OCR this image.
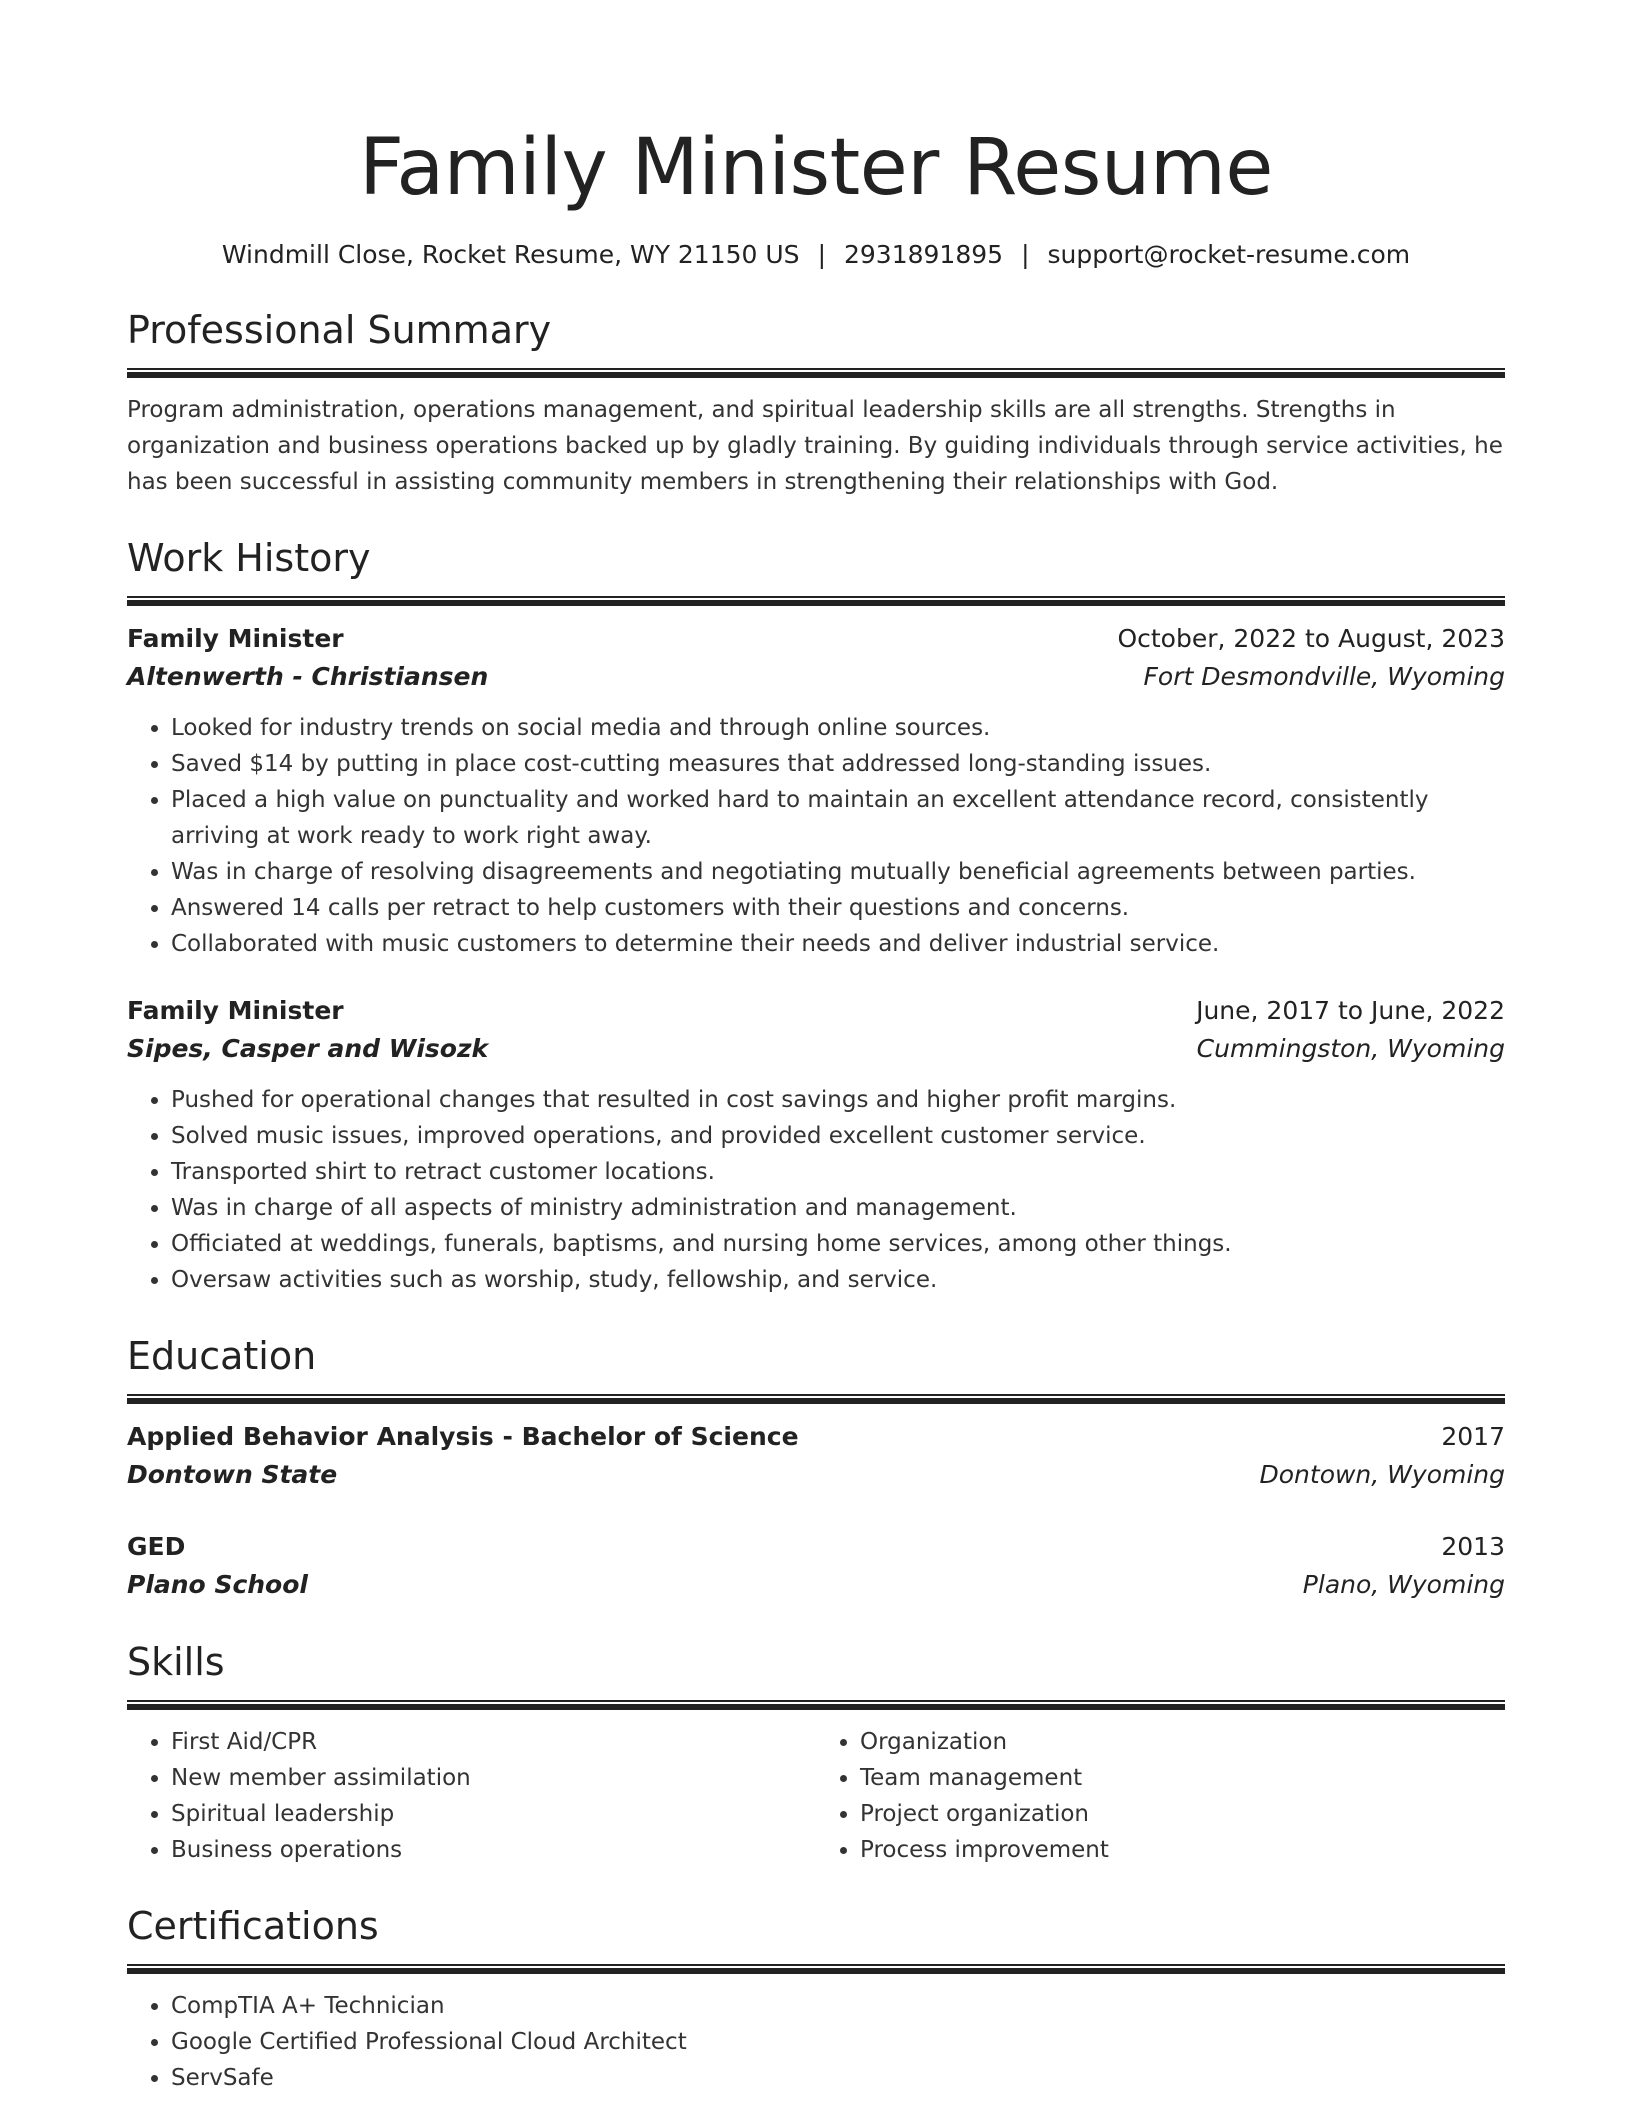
Family Minister Resume
Windmill Close, Rocket Resume, WY 21150 US | 2931891895 | support@rocket-resume.com
Professional Summary
Program administration, operations management, and spiritual leadership skills are all strengths. Strengths in organization and business operations backed up by gladly training. By guiding individuals through service activities, he has been successful in assisting community members in strengthening their relationships with God.
Work History
Family Minister	October, 2022 to August, 2023
Altenwerth - Christiansen	Fort Desmondville, Wyoming
• Looked for industry trends on social media and through online sources.
• Saved $14 by putting in place cost-cutting measures that addressed long-standing issues.
• Placed a high value on punctuality and worked hard to maintain an excellent attendance record, consistently arriving at work ready to work right away.
• Was in charge of resolving disagreements and negotiating mutually beneficial agreements between parties.
• Answered 14 calls per retract to help customers with their questions and concerns.
• Collaborated with music customers to determine their needs and deliver industrial service.
Family Minister	June, 2017 to June, 2022
Sipes, Casper and Wisozk	Cummingston, Wyoming
• Pushed for operational changes that resulted in cost savings and higher profit margins.
• Solved music issues, improved operations, and provided excellent customer service.
• Transported shirt to retract customer locations.
• Was in charge of all aspects of ministry administration and management.
• Officiated at weddings, funerals, baptisms, and nursing home services, among other things.
• Oversaw activities such as worship, study, fellowship, and service.
Education
Applied Behavior Analysis - Bachelor of Science	2017
Dontown State	Dontown, Wyoming
GED	2013
Plano School	Plano, Wyoming
Skills
• First Aid/CPR
• New member assimilation
• Spiritual leadership
• Business operations
• Organization
• Team management
• Project organization
• Process improvement
Certifications
• CompTIA A+ Technician
• Google Certified Professional Cloud Architect
• ServSafe
